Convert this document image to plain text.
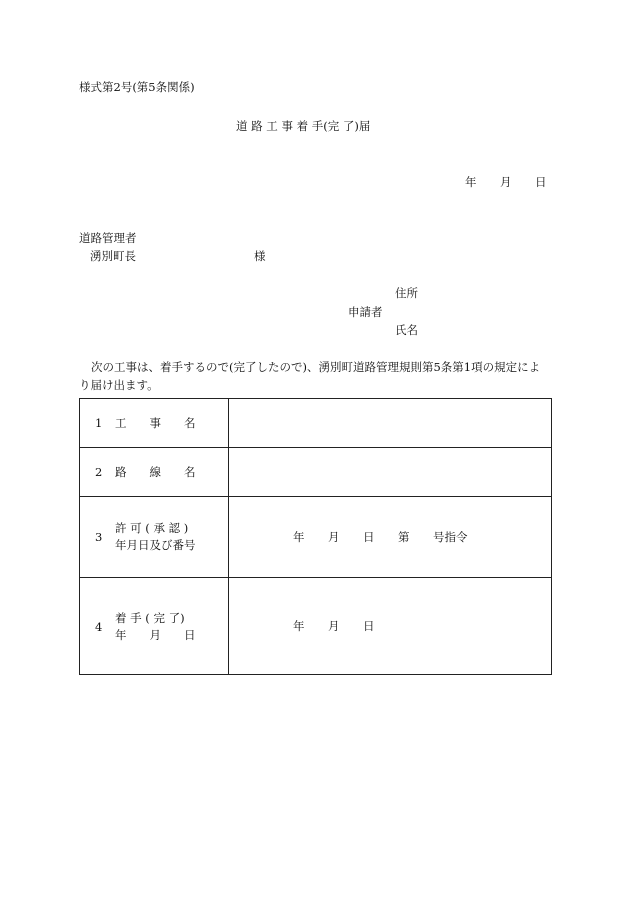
様式第2号(第5条関係)
道 路 工 事 着 手(完 了)届
年 月 日
道路管理者
湧別町長	様
住所
申請者
氏名
次の工事は、着手するので(完了したので)、湧別町道路管理規則第5条第1項の規定によ
り届け出ます。
1 工　　事　　名	

2 路　　線　　名	

3
許 可 ( 承 認 )
年月日及び番号	年 月 日 第 号指令

4
着 手 ( 完 了)
年　　月　　日	年 月 日
